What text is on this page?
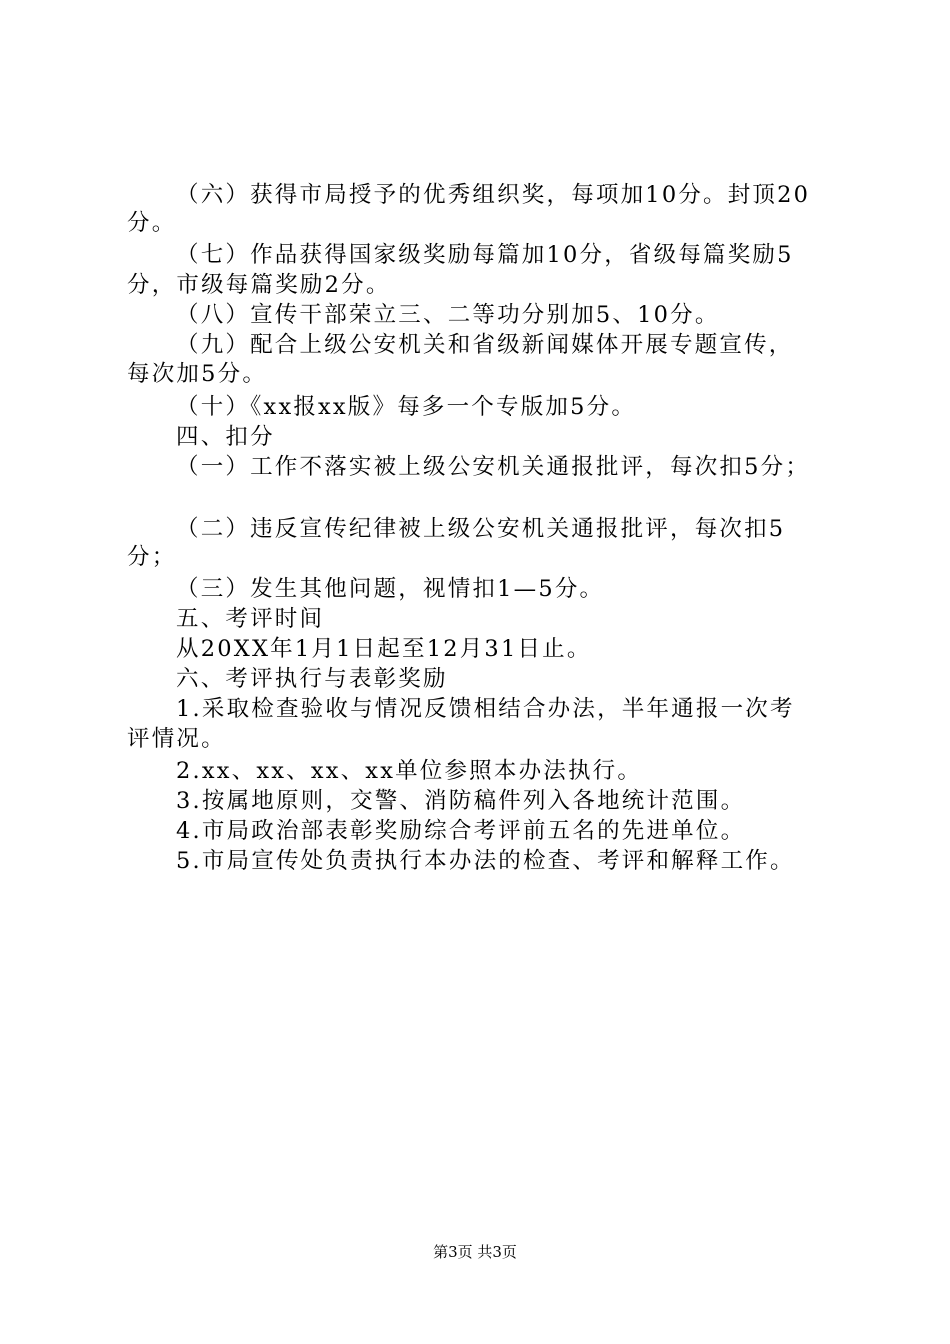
（六）获得市局授予的优秀组织奖，每项加10分。封顶20
分。
（七）作品获得国家级奖励每篇加10分，省级每篇奖励5
分，市级每篇奖励2分。
（八）宣传干部荣立三、二等功分别加5、10分。
（九）配合上级公安机关和省级新闻媒体开展专题宣传，
每次加5分。
（十）《xx报xx版》每多一个专版加5分。
四、扣分
（一）工作不落实被上级公安机关通报批评，每次扣5分；
（二）违反宣传纪律被上级公安机关通报批评，每次扣5
分；
（三）发生其他问题，视情扣1—5分。
五、考评时间
从20XX年1月1日起至12月31日止。
六、考评执行与表彰奖励
1.采取检查验收与情况反馈相结合办法，半年通报一次考
评情况。
2.xx、xx、xx、xx单位参照本办法执行。
3.按属地原则，交警、消防稿件列入各地统计范围。
4.市局政治部表彰奖励综合考评前五名的先进单位。
5.市局宣传处负责执行本办法的检查、考评和解释工作。
第3页 共3页
